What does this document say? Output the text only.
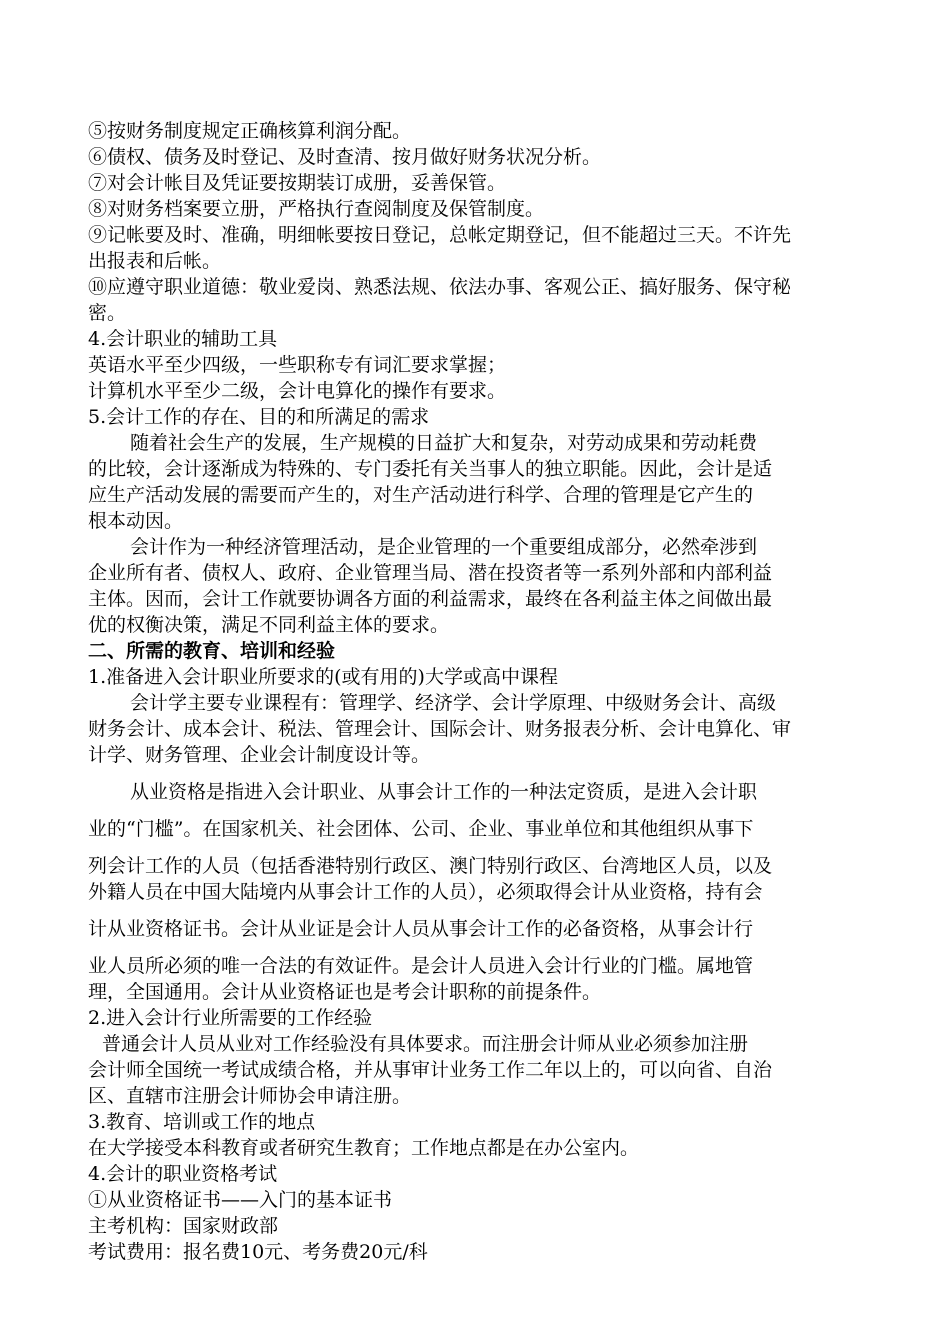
⑤按财务制度规定正确核算利润分配。
⑥债权、债务及时登记、及时查清、按月做好财务状况分析。
⑦对会计帐目及凭证要按期装订成册，妥善保管。
⑧对财务档案要立册，严格执行查阅制度及保管制度。
⑨记帐要及时、准确，明细帐要按日登记，总帐定期登记，但不能超过三天。不许先
出报表和后帐。
⑩应遵守职业道德：敬业爱岗、熟悉法规、依法办事、客观公正、搞好服务、保守秘
密。
4.会计职业的辅助工具
英语水平至少四级，一些职称专有词汇要求掌握；
计算机水平至少二级，会计电算化的操作有要求。
5.会计工作的存在、目的和所满足的需求
随着社会生产的发展，生产规模的日益扩大和复杂，对劳动成果和劳动耗费
的比较，会计逐渐成为特殊的、专门委托有关当事人的独立职能。因此，会计是适
应生产活动发展的需要而产生的，对生产活动进行科学、合理的管理是它产生的
根本动因。
会计作为一种经济管理活动，是企业管理的一个重要组成部分，必然牵涉到
企业所有者、债权人、政府、企业管理当局、潜在投资者等一系列外部和内部利益
主体。因而，会计工作就要协调各方面的利益需求，最终在各利益主体之间做出最
优的权衡决策，满足不同利益主体的要求。
二、所需的教育、培训和经验
1.准备进入会计职业所要求的(或有用的)大学或高中课程
会计学主要专业课程有：管理学、经济学、会计学原理、中级财务会计、高级
财务会计、成本会计、税法、管理会计、国际会计、财务报表分析、会计电算化、审
计学、财务管理、企业会计制度设计等。
从业资格是指进入会计职业、从事会计工作的一种法定资质，是进入会计职
业的“门槛”。在国家机关、社会团体、公司、企业、事业单位和其他组织从事下
列会计工作的人员（包括香港特别行政区、澳门特别行政区、台湾地区人员，以及
外籍人员在中国大陆境内从事会计工作的人员），必须取得会计从业资格，持有会
计从业资格证书。会计从业证是会计人员从事会计工作的必备资格，从事会计行
业人员所必须的唯一合法的有效证件。是会计人员进入会计行业的门槛。属地管
理，全国通用。会计从业资格证也是考会计职称的前提条件。
2.进入会计行业所需要的工作经验
普通会计人员从业对工作经验没有具体要求。而注册会计师从业必须参加注册
会计师全国统一考试成绩合格，并从事审计业务工作二年以上的，可以向省、自治
区、直辖市注册会计师协会申请注册。
3.教育、培训或工作的地点
在大学接受本科教育或者研究生教育；工作地点都是在办公室内。
4.会计的职业资格考试
①从业资格证书——入门的基本证书
主考机构：国家财政部
考试费用：报名费10元、考务费20元/科
